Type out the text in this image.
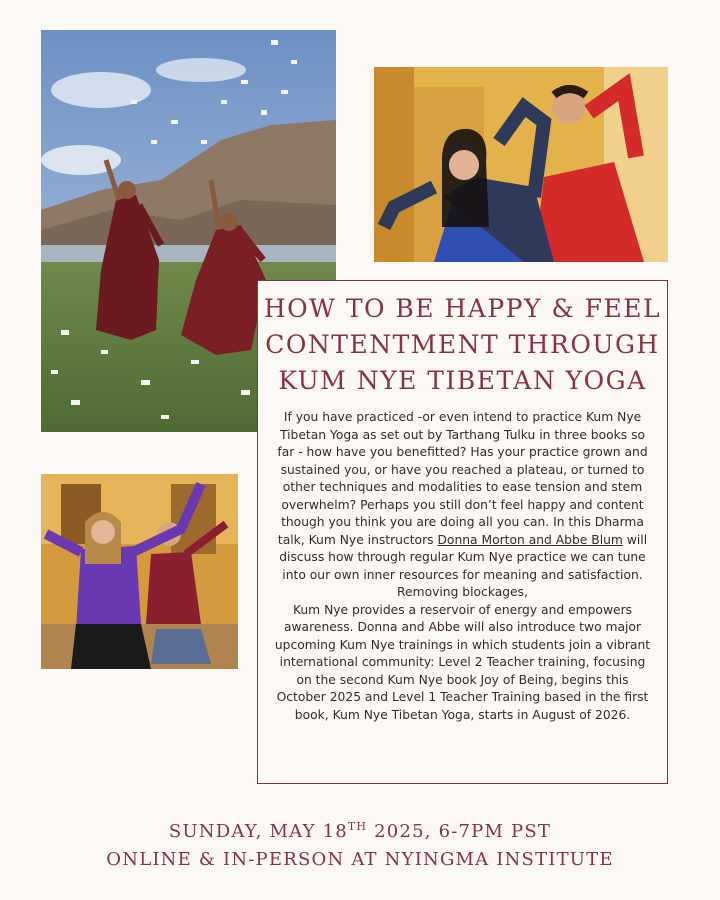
HOW TO BE HAPPY & FEEL
CONTENTMENT THROUGH
KUM NYE TIBETAN YOGA

If you have practiced -or even intend to practice Kum Nye Tibetan Yoga as set out by Tarthang Tulku in three books so far - how have you benefitted? Has your practice grown and sustained you, or have you reached a plateau, or turned to other techniques and modalities to ease tension and stem overwhelm? Perhaps you still don’t feel happy and content though you think you are doing all you can. In this Dharma talk, Kum Nye instructors Donna Morton and Abbe Blum will discuss how through regular Kum Nye practice we can tune into our own inner resources for meaning and satisfaction. Removing blockages,
Kum Nye provides a reservoir of energy and empowers awareness. Donna and Abbe will also introduce two major upcoming Kum Nye trainings in which students join a vibrant international community: Level 2 Teacher training, focusing on the second Kum Nye book Joy of Being, begins this October 2025 and Level 1 Teacher Training based in the first book, Kum Nye Tibetan Yoga, starts in August of 2026.

SUNDAY, MAY 18TH 2025, 6-7PM PST
ONLINE & IN-PERSON AT NYINGMA INSTITUTE
